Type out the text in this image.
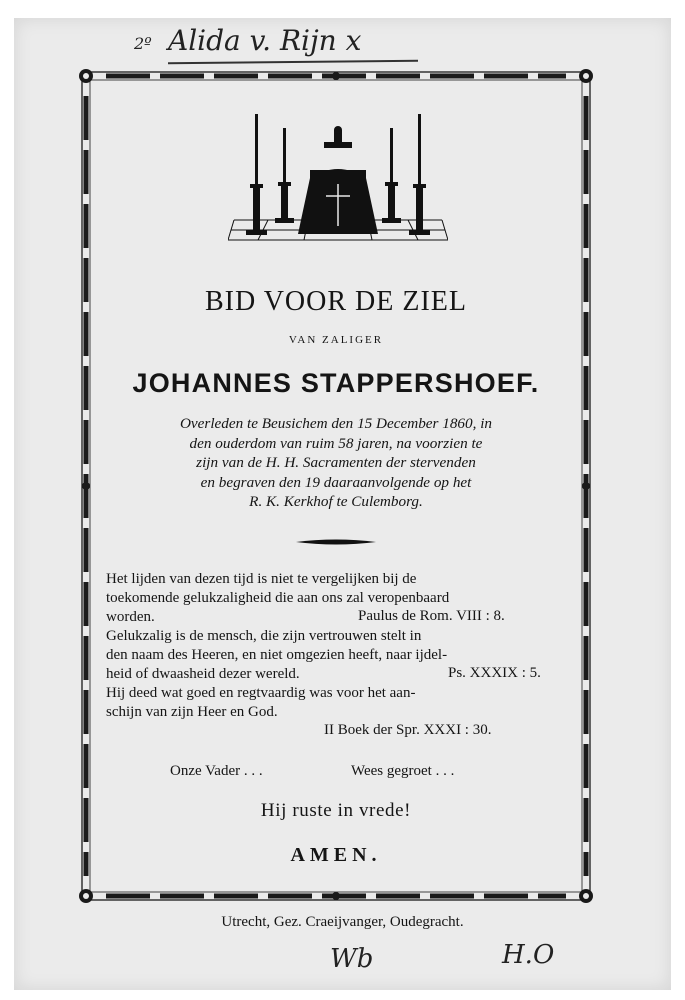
2º Alida v. Rijn x
Wb	H.O
BID VOOR DE ZIEL
VAN ZALIGER
JOHANNES STAPPERSHOEF.
Overleden te Beusichem den 15 December 1860, in
den ouderdom van ruim 58 jaren, na voorzien te
zijn van de H. H. Sacramenten der stervenden
en begraven den 19 daaraanvolgende op het
R. K. Kerkhof te Culemborg.

Het lijden van dezen tijd is niet te vergelijken bij de

toekomende gelukzaligheid die aan ons zal veropenbaard

worden.	Paulus de Rom. VIII : 8.

Gelukzalig is de mensch, die zijn vertrouwen stelt in

den naam des Heeren, en niet omgezien heeft, naar ijdel-

heid of dwaasheid dezer wereld.	Ps. XXXIX : 5.

Hij deed wat goed en regtvaardig was voor het aan-

schijn van zijn Heer en God.

II Boek der Spr. XXXI : 30.
Onze Vader . . .	Wees gegroet . . .
Hij ruste in vrede!
AMEN.
Utrecht, Gez. Craeijvanger, Oudegracht.
